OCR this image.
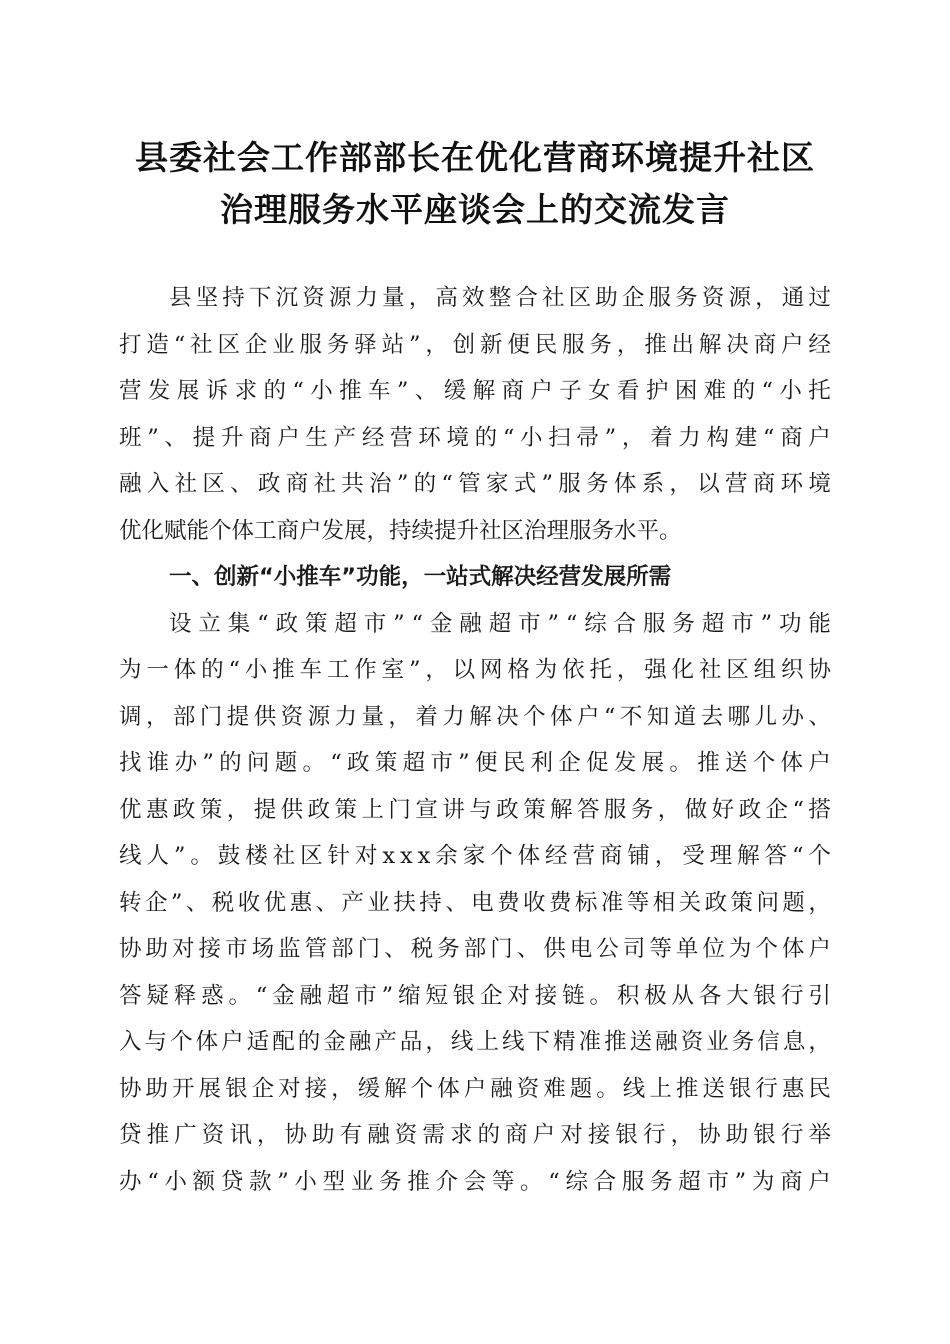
县委社会工作部部长在优化营商环境提升社区
治理服务水平座谈会上的交流发言
县 坚 持 下 沉 资 源 力 量 ， 高 效 整 合 社 区 助 企 服 务 资 源 ， 通 过
打 造 “ 社 区 企 业 服 务 驿 站 ” ， 创 新 便 民 服 务 ， 推 出 解 决 商 户 经
营 发 展 诉 求 的 “ 小 推 车 ” 、 缓 解 商 户 子 女 看 护 困 难 的 “ 小 托
班 ” 、 提 升 商 户 生 产 经 营 环 境 的 “ 小 扫 帚 ” ， 着 力 构 建 “ 商 户
融 入 社 区 、 政 商 社 共 治 ” 的 “ 管 家 式 ” 服 务 体 系 ， 以 营 商 环 境
优化赋能个体工商户发展，持续提升社区治理服务水平。
一、创新“小推车”功能，一站式解决经营发展所需
设 立 集 “ 政 策 超 市 ” “ 金 融 超 市 ” “ 综 合 服 务 超 市 ” 功 能
为 一 体 的 “ 小 推 车 工 作 室 ” ， 以 网 格 为 依 托 ， 强 化 社 区 组 织 协
调 ， 部 门 提 供 资 源 力 量 ， 着 力 解 决 个 体 户 “ 不 知 道 去 哪 儿 办 、
找 谁 办 ” 的 问 题 。 “ 政 策 超 市 ” 便 民 利 企 促 发 展 。 推 送 个 体 户
优 惠 政 策 ， 提 供 政 策 上 门 宣 讲 与 政 策 解 答 服 务 ， 做 好 政 企 “ 搭
线 人 ” 。 鼓 楼 社 区 针 对 x x x 余 家 个 体 经 营 商 铺 ， 受 理 解 答 “ 个
转 企 ” 、 税 收 优 惠 、 产 业 扶 持 、 电 费 收 费 标 准 等 相 关 政 策 问 题 ，
协 助 对 接 市 场 监 管 部 门 、 税 务 部 门 、 供 电 公 司 等 单 位 为 个 体 户
答 疑 释 惑 。 “ 金 融 超 市 ” 缩 短 银 企 对 接 链 。 积 极 从 各 大 银 行 引
入 与 个 体 户 适 配 的 金 融 产 品 ， 线 上 线 下 精 准 推 送 融 资 业 务 信 息 ，
协 助 开 展 银 企 对 接 ， 缓 解 个 体 户 融 资 难 题 。 线 上 推 送 银 行 惠 民
贷 推 广 资 讯 ， 协 助 有 融 资 需 求 的 商 户 对 接 银 行 ， 协 助 银 行 举
办 “ 小 额 贷 款 ” 小 型 业 务 推 介 会 等 。 “ 综 合 服 务 超 市 ” 为 商 户
